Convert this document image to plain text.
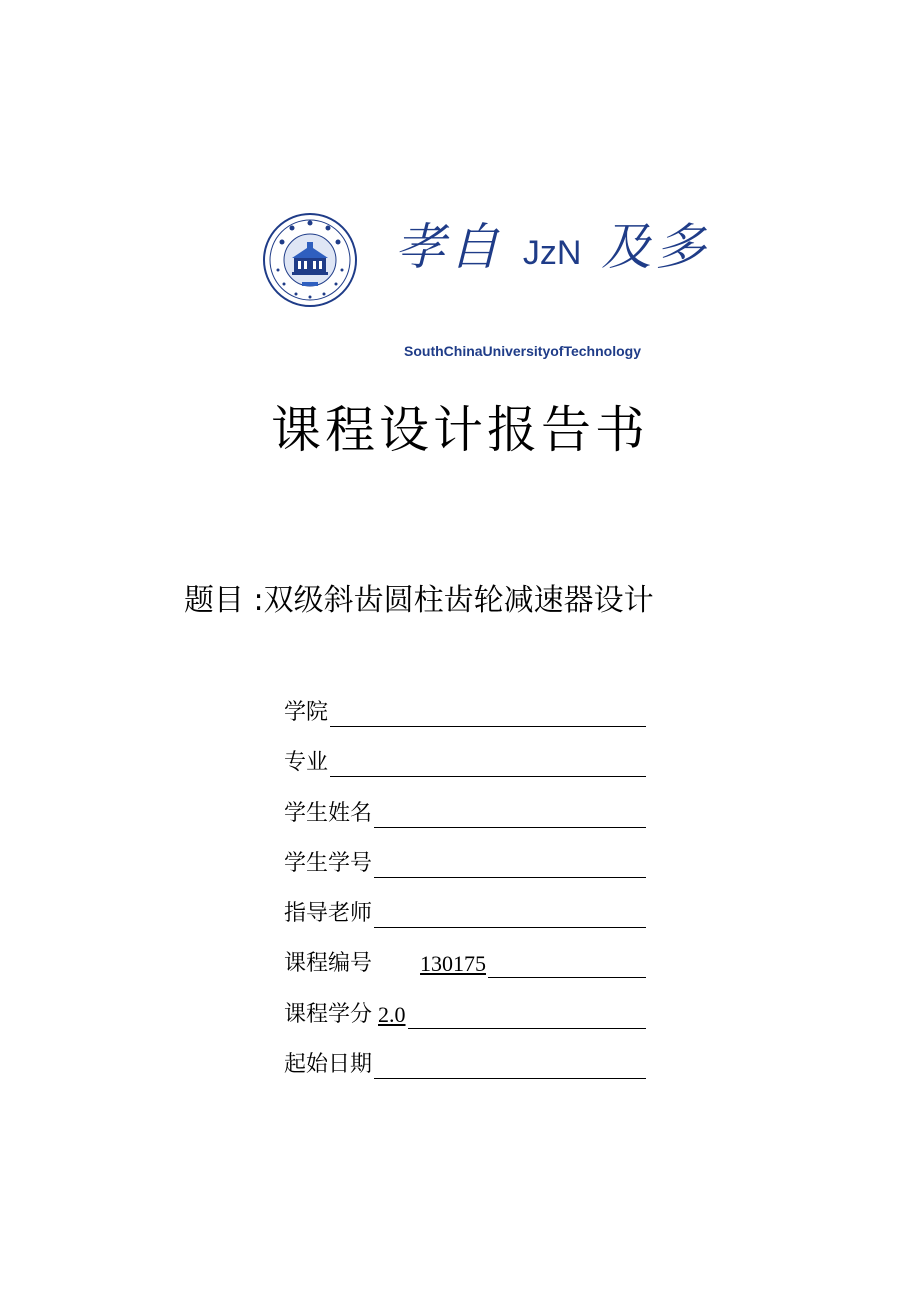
孝自 JzN 及多
SouthChinaUniversityofTechnology
课程设计报告书
题目 :双级斜齿圆柱齿轮减速器设计
学院
专业
学生姓名
学生学号
指导老师
课程编号 130175
课程学分 2.0
起始日期
